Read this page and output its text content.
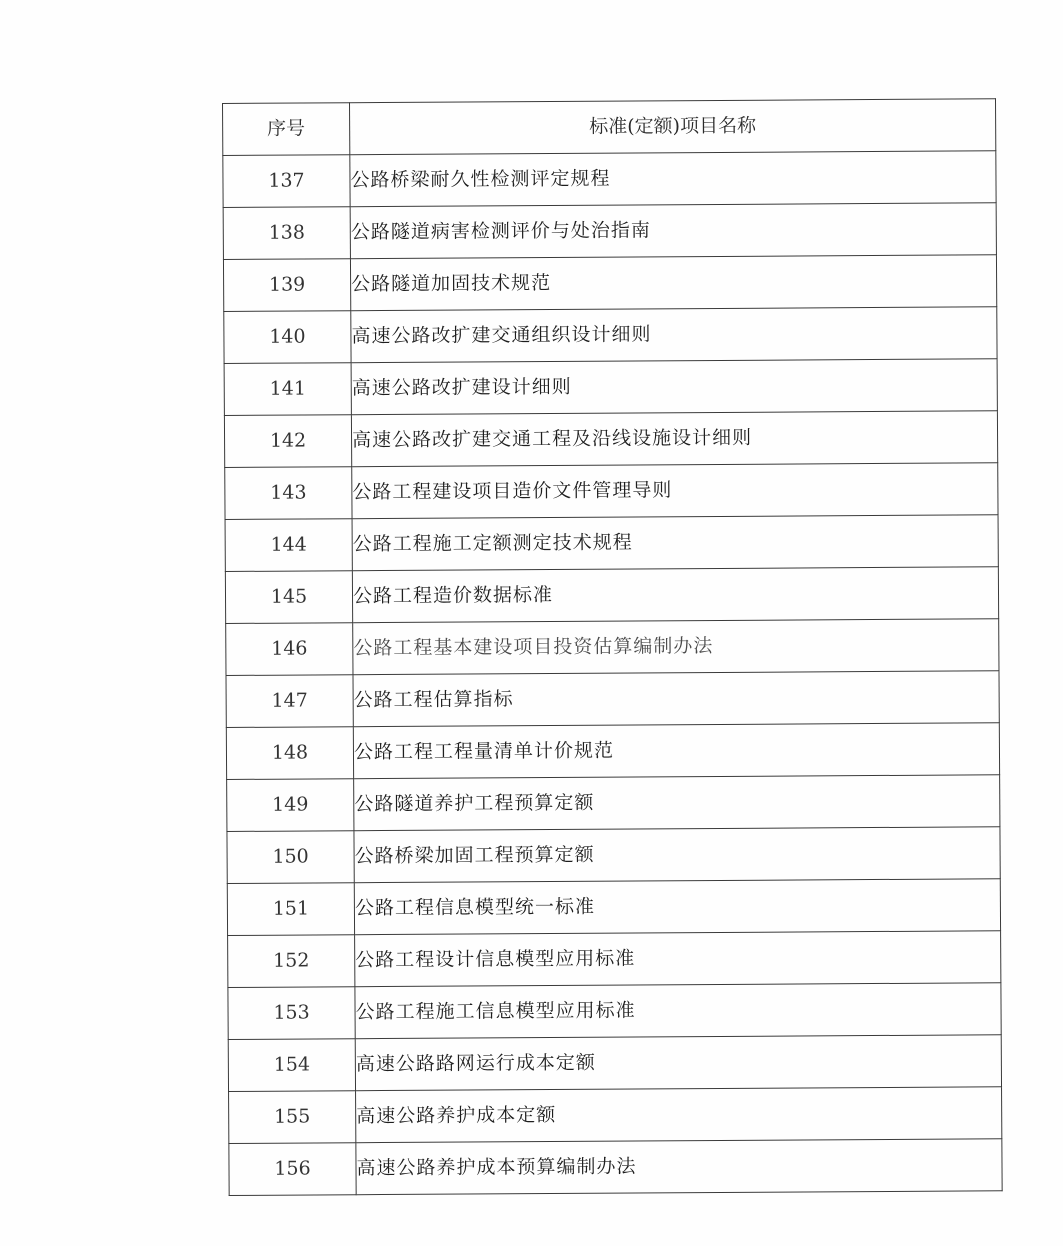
序号	标准(定额)项目名称
137	公路桥梁耐久性检测评定规程
138	公路隧道病害检测评价与处治指南
139	公路隧道加固技术规范
140	高速公路改扩建交通组织设计细则
141	高速公路改扩建设计细则
142	高速公路改扩建交通工程及沿线设施设计细则
143	公路工程建设项目造价文件管理导则
144	公路工程施工定额测定技术规程
145	公路工程造价数据标准
146	公路工程基本建设项目投资估算编制办法
147	公路工程估算指标
148	公路工程工程量清单计价规范
149	公路隧道养护工程预算定额
150	公路桥梁加固工程预算定额
151	公路工程信息模型统一标准
152	公路工程设计信息模型应用标准
153	公路工程施工信息模型应用标准
154	高速公路路网运行成本定额
155	高速公路养护成本定额
156	高速公路养护成本预算编制办法
